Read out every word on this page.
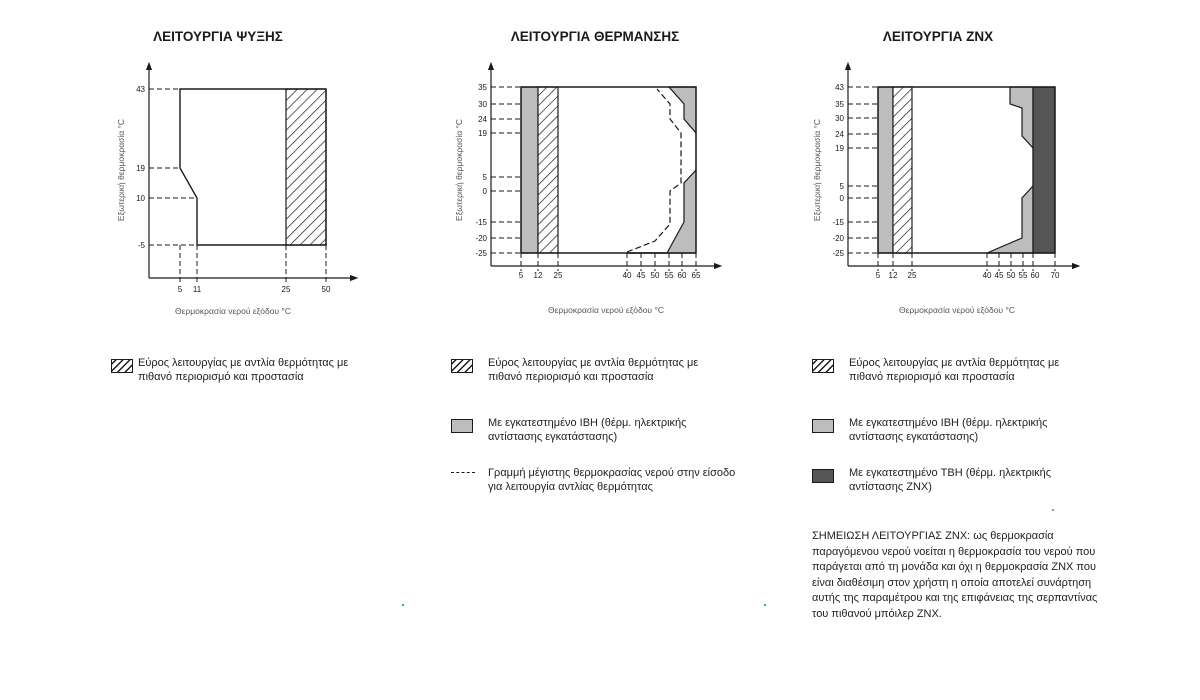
ΛΕΙΤΟΥΡΓΙΑ ΨΥΞΗΣ
43
19
10
-5
5 11	25	50
Εξωτερική θερμοκρασία °C
Θερμοκρασία νερού εξόδου °C
ΛΕΙΤΟΥΡΓΙΑ ΘΕΡΜΑΝΣΗΣ
35
30
24
19
5
0
-15
-20
-25
5 12 25	40 45 50 55 60 65
Εξωτερική θερμοκρασία °C
Θερμοκρασία νερού εξόδου °C
ΛΕΙΤΟΥΡΓΙΑ ZNX
43
35
30
24
19
5
0
-15
-20
-25
5 12 25	40 45 50 55 60 70
Εξωτερική θερμοκρασία °C
Θερμοκρασία νερού εξόδου °C
Εύρος λειτουργίας με αντλία θερμότητας με πιθανό περιορισμό και προστασία
Εύρος λειτουργίας με αντλία θερμότητας με πιθανό περιορισμό και προστασία
Με εγκατεστημένο IBH (θέρμ. ηλεκτρικής αντίστασης εγκατάστασης)
Γραμμή μέγιστης θερμοκρασίας νερού στην είσοδο για λειτουργία αντλίας θερμότητας
Εύρος λειτουργίας με αντλία θερμότητας με πιθανό περιορισμό και προστασία
Με εγκατεστημένο IBH (θέρμ. ηλεκτρικής αντίστασης εγκατάστασης)
Με εγκατεστημένο TBH (θέρμ. ηλεκτρικής αντίστασης ZNX)
ΣΗΜΕΙΩΣΗ ΛΕΙΤΟΥΡΓΙΑΣ ZNX: ως θερμοκρασία παραγόμενου νερού νοείται η θερμοκρασία του νερού που παράγεται από τη μονάδα και όχι η θερμοκρασία ZNX που είναι διαθέσιμη στον χρήστη η οποία αποτελεί συνάρτηση αυτής της παραμέτρου και της επιφάνειας της σερπαντίνας του πιθανού μπόιλερ ZNX.
